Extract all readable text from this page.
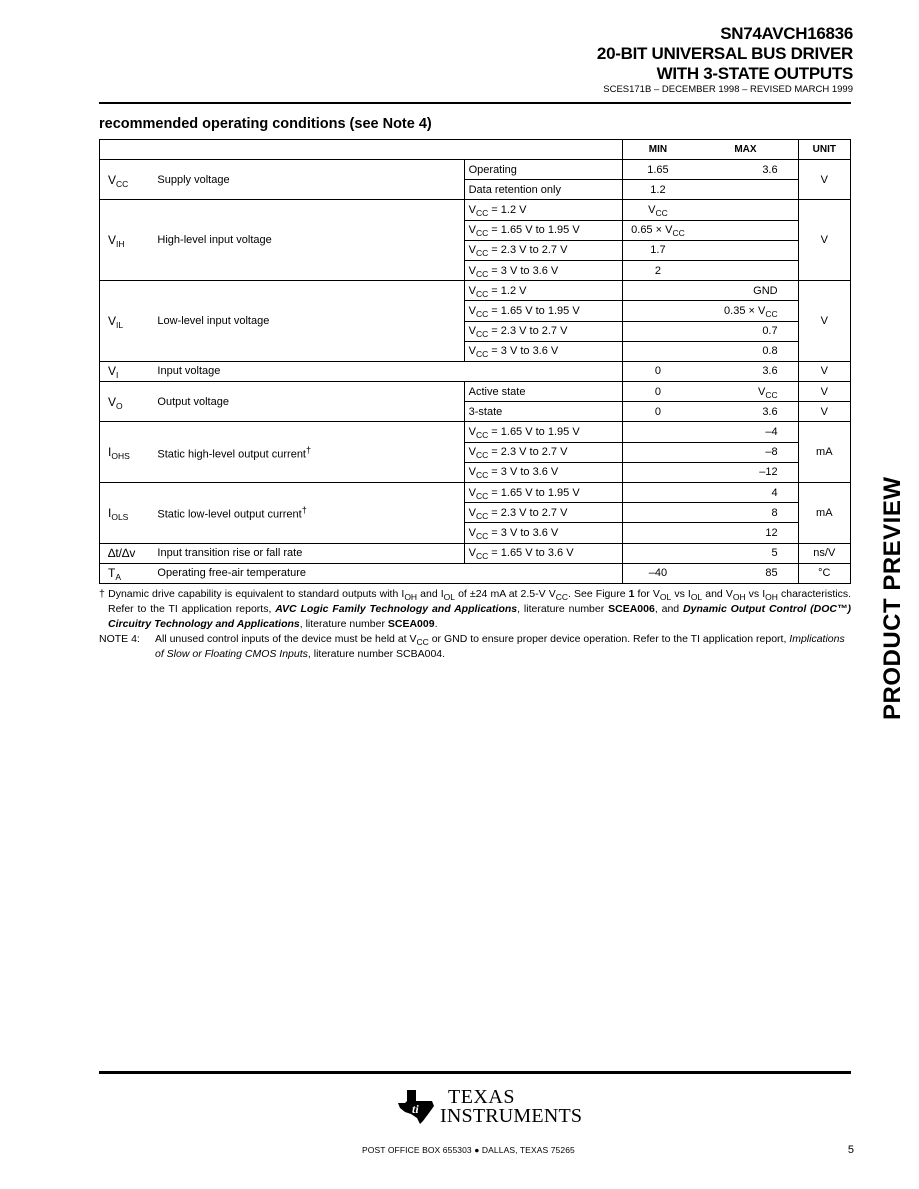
SN74AVCH16836
20-BIT UNIVERSAL BUS DRIVER
WITH 3-STATE OUTPUTS
SCES171B – DECEMBER 1998 – REVISED MARCH 1999
recommended operating conditions (see Note 4)
			MIN	MAX	UNIT
$V_{CC}$	Supply voltage	Operating	1.65	3.6	V
		Data retention only	1.2		
$V_{IH}$	High-level input voltage	$V_{CC} = 1.2$ V	$V_{CC}$		V
		$V_{CC} = 1.65$ V to 1.95 V	$0.65 \times V_{CC}$	
		$V_{CC} = 2.3$ V to 2.7 V	1.7		
		$V_{CC} = 3$ V to 3.6 V	2		
$V_{IL}$	Low-level input voltage	$V_{CC} = 1.2$ V		GND	V
		$V_{CC} = 1.65$ V to 1.95 V		$0.35 \times V_{CC}$
		$V_{CC} = 2.3$ V to 2.7 V		0.7	
		$V_{CC} = 3$ V to 3.6 V		0.8	
$V_I$	Input voltage		0	3.6	V
$V_O$	Output voltage	Active state	0	$V_{CC}$	V
		3-state	0	3.6	V
$I_{OHS}$	Static high-level output current†	$V_{CC} = 1.65$ V to 1.95 V		–4	mA
		$V_{CC} = 2.3$ V to 2.7 V		–8	
		$V_{CC} = 3$ V to 3.6 V		–12	
$I_{OLS}$	Static low-level output current†	$V_{CC} = 1.65$ V to 1.95 V		4	mA
		$V_{CC} = 2.3$ V to 2.7 V		8	
		$V_{CC} = 3$ V to 3.6 V		12	
∆t/∆v	Input transition rise or fall rate	$V_{CC} = 1.65$ V to 3.6 V		5	ns/V
$T_A$	Operating free-air temperature		–40	85	°C
† Dynamic drive capability is equivalent to standard outputs with $I_{OH}$ and $I_{OL}$ of ±24 mA at 2.5-V $V_{CC}$. See Figure 1 for $V_{OL}$ vs $I_{OL}$ and $V_{OH}$ vs $I_{OH}$ characteristics. Refer to the TI application reports, AVC Logic Family Technology and Applications, literature number SCEA006, and Dynamic Output Control (DOC™) Circuitry Technology and Applications, literature number SCEA009.
NOTE 4:	All unused control inputs of the device must be held at $V_{CC}$ or GND to ensure proper device operation. Refer to the TI application report, Implications of Slow or Floating CMOS Inputs, literature number SCBA004.	PRODUCT PREVIEW
ti
TEXAS
INSTRUMENTS
POST OFFICE BOX 655303 ● DALLAS, TEXAS 75265	5
